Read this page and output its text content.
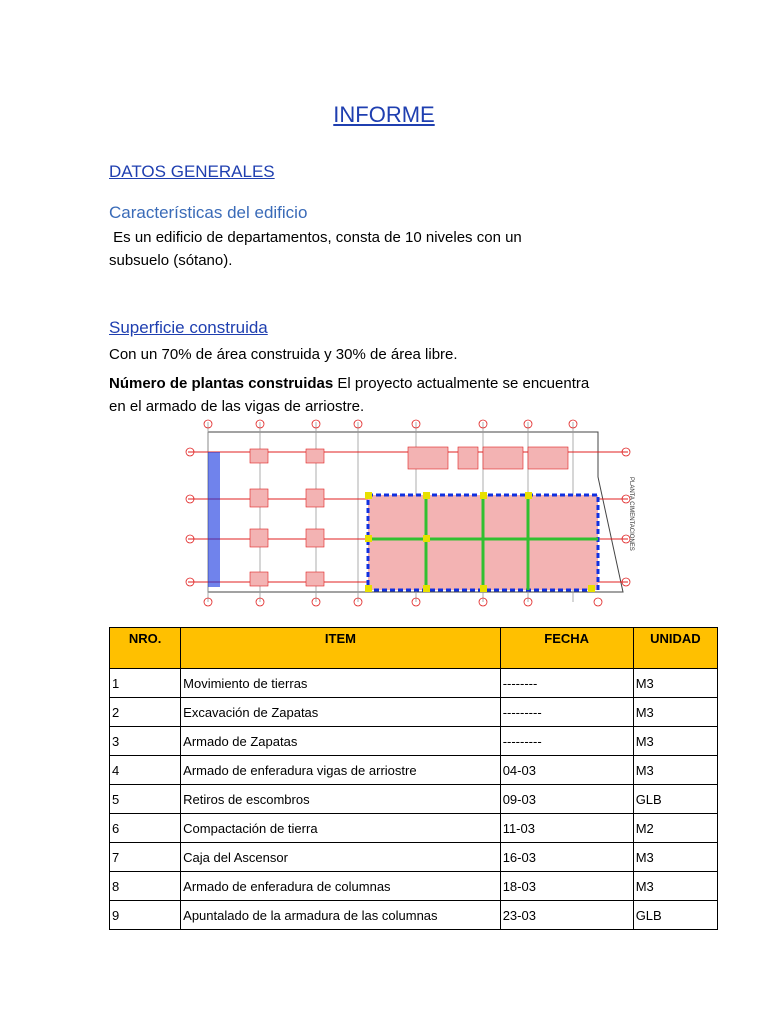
INFORME
DATOS GENERALES
Características del edificio
Es un edificio de departamentos, consta de 10 niveles con un
subsuelo (sótano).
Superficie construida
Con un 70% de área construida y 30% de área libre.
Número de plantas construidas El proyecto actualmente se encuentra
en el armado de las vigas de arriostre.
PLANTA CIMENTACIONES
NRO.	ITEM	FECHA	UNIDAD
1	Movimiento de tierras	--------	M3
2	Excavación de Zapatas	---------	M3
3	Armado de Zapatas	---------	M3
4	Armado de enferadura vigas de arriostre	04-03	M3
5	Retiros de escombros	09-03	GLB
6	Compactación de tierra	11-03	M2
7	Caja del Ascensor	16-03	M3
8	Armado de enferadura de columnas	18-03	M3
9	Apuntalado de la armadura de las columnas	23-03	GLB
